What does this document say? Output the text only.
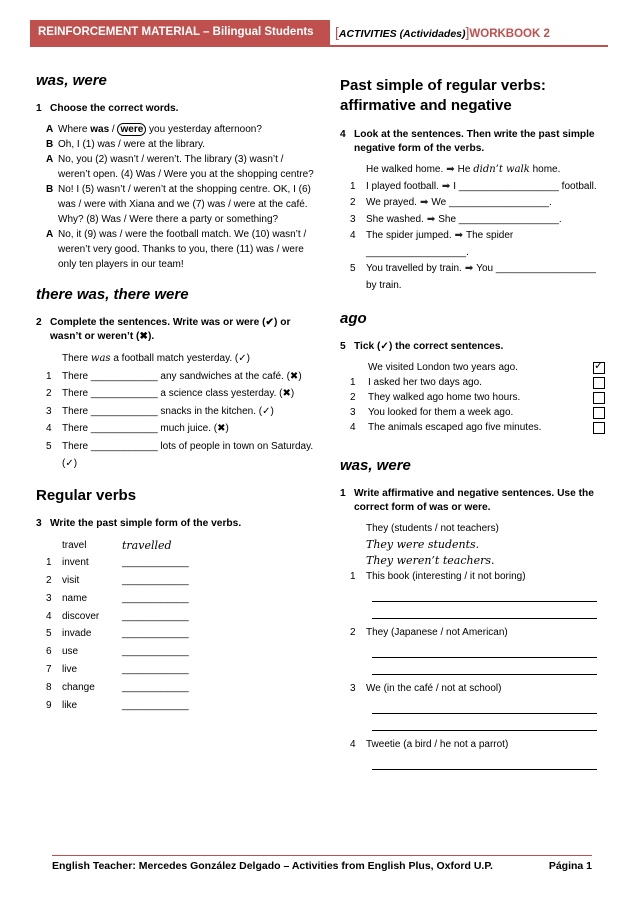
REINFORCEMENT MATERIAL – Bilingual Students	[ACTIVITIES (Actividades)]WORKBOOK 2
was, were
1 Choose the correct words.
A Where was / were you yesterday afternoon?
B Oh, I (1) was / were at the library.
A No, you (2) wasn’t / weren’t. The library (3) wasn’t / weren’t open. (4) Was / Were you at the shopping centre?
B No! I (5) wasn’t / weren’t at the shopping centre. OK, I (6) was / were with Xiana and we (7) was / were at the café. Why? (8) Was / Were there a party or something?
A No, it (9) was / were the football match. We (10) wasn’t / weren’t very good. Thanks to you, there (11) was / were only ten players in our team!
there was, there were
2 Complete the sentences. Write was or were (✔) or wasn’t or weren’t (✖).
There was a football match yesterday. (✓)
1	There ____________ any sandwiches at the café. (✖)
2	There ____________ a science class yesterday. (✖)
3	There ____________ snacks in the kitchen. (✓)
4	There ____________ much juice. (✖)
5	There ____________ lots of people in town on Saturday. (✓)
Regular verbs
3 Write the past simple form of the verbs.
travel	travelled
1	invent	____________
2	visit	____________
3	name	____________
4	discover	____________
5	invade	____________
6	use	____________
7	live	____________
8	change	____________
9	like	____________
Past simple of regular verbs: affirmative and negative
4 Look at the sentences. Then write the past simple negative form of the verbs.
He walked home. ➡ He didn’t walk home.
1	I played football. ➡ I __________________ football.
2	We prayed. ➡ We __________________.
3	She washed. ➡ She __________________.
4	The spider jumped. ➡ The spider __________________.
5	You travelled by train. ➡ You __________________ by train.
ago
5 Tick (✓) the correct sentences.
We visited London two years ago.	✓
1	I asked her two days ago.
2	They walked ago home two hours.
3	You looked for them a week ago.
4	The animals escaped ago five minutes.
was, were
1 Write affirmative and negative sentences. Use the correct form of was or were.
They (students / not teachers)
They were students.
They weren’t teachers.
1	This book (interesting / it not boring)
2	They (Japanese / not American)
3	We (in the café / not at school)
4	Tweetie (a bird / he not a parrot)
English Teacher: Mercedes González Delgado – Activities from English Plus, Oxford U.P.	Página 1
